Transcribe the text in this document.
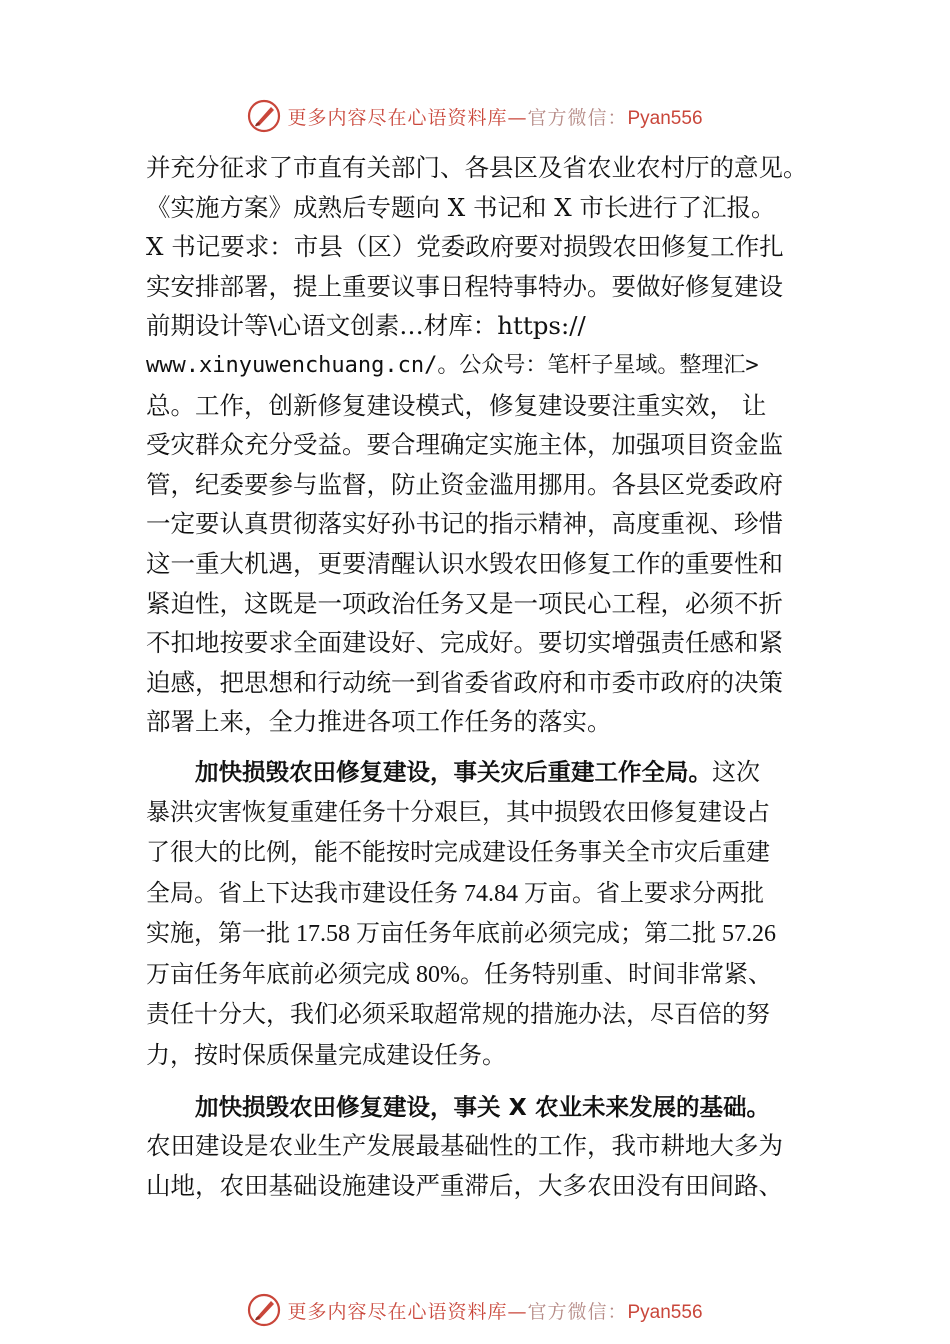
更多内容尽在心语资料库—官方微信：Pyan556
并充分征求了市直有关部门、各县区及省农业农村厅的意见。
《实施方案》成熟后专题向 X 书记和 X 市长进行了汇报。
X 书记要求：市县（区）党委政府要对损毁农田修复工作扎
实安排部署，提上重要议事日程特事特办。要做好修复建设
前期设计等\心语文创素…材库：https://
www.xinyuwenchuang.cn/。公众号：笔杆子星域。整理汇>
总。工作，创新修复建设模式，修复建设要注重实效， 让
受灾群众充分受益。要合理确定实施主体，加强项目资金监
管，纪委要参与监督，防止资金滥用挪用。各县区党委政府
一定要认真贯彻落实好孙书记的指示精神，高度重视、珍惜
这一重大机遇，更要清醒认识水毁农田修复工作的重要性和
紧迫性，这既是一项政治任务又是一项民心工程，必须不折
不扣地按要求全面建设好、完成好。要切实增强责任感和紧
迫感，把思想和行动统一到省委省政府和市委市政府的决策
部署上来，全力推进各项工作任务的落实。
加快损毁农田修复建设，事关灾后重建工作全局。这次
暴洪灾害恢复重建任务十分艰巨，其中损毁农田修复建设占
了很大的比例，能不能按时完成建设任务事关全市灾后重建
全局。省上下达我市建设任务 74.84 万亩。省上要求分两批
实施，第一批 17.58 万亩任务年底前必须完成；第二批 57.26
万亩任务年底前必须完成 80%。任务特别重、时间非常紧、
责任十分大，我们必须采取超常规的措施办法，尽百倍的努
力，按时保质保量完成建设任务。
加快损毁农田修复建设，事关 X 农业未来发展的基础。
农田建设是农业生产发展最基础性的工作，我市耕地大多为
山地，农田基础设施建设严重滞后，大多农田没有田间路、
更多内容尽在心语资料库—官方微信：Pyan556
